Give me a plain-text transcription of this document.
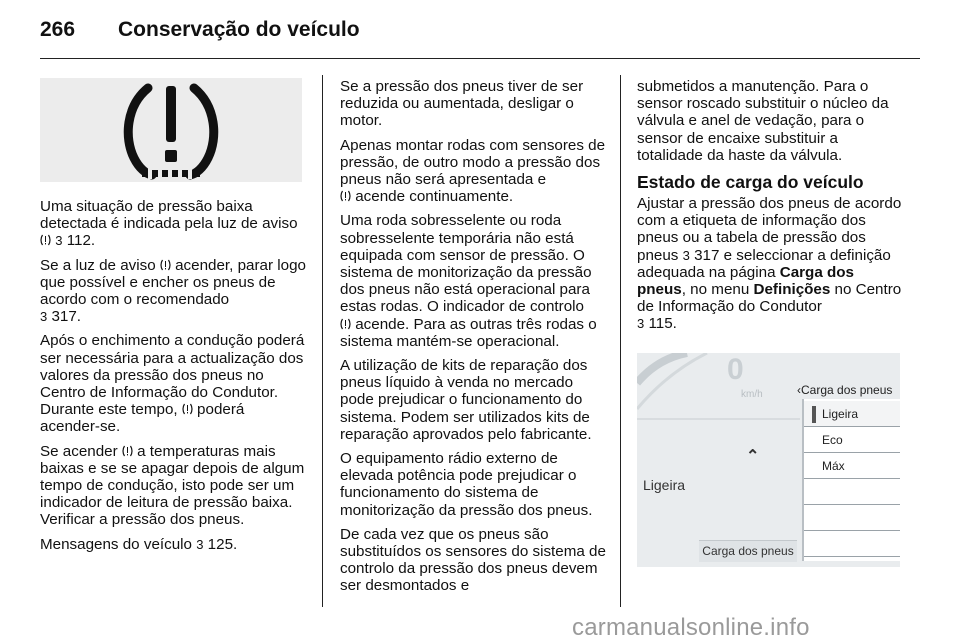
266 Conservação do veículo

Uma situação de pressão baixa detectada é indicada pela luz de aviso  3 112.

Se a luz de aviso  acender, parar logo que possível e encher os pneus de acordo com o recomendado
3 317.

Após o enchimento a condução poderá ser necessária para a actualização dos valores da pressão dos pneus no Centro de Informação do Condutor. Durante este tempo,  poderá acender-se.

Se acender  a temperaturas mais baixas e se se apagar depois de algum tempo de condução, isto pode ser um indicador de leitura de pressão baixa. Verificar a pressão dos pneus.

Mensagens do veículo 3 125.

Se a pressão dos pneus tiver de ser reduzida ou aumentada, desligar o motor.

Apenas montar rodas com sensores de pressão, de outro modo a pressão dos pneus não será apresentada e
acende continuamente.

Uma roda sobresselente ou roda sobresselente temporária não está equipada com sensor de pressão. O sistema de monitorização da pressão dos pneus não está operacional para estas rodas. O indicador de controlo
acende. Para as outras três rodas o sistema mantém-se operacional.

A utilização de kits de reparação dos pneus líquido à venda no mercado pode prejudicar o funcionamento do sistema. Podem ser utilizados kits de reparação aprovados pelo fabricante.

O equipamento rádio externo de elevada potência pode prejudicar o funcionamento do sistema de monitorização da pressão dos pneus.

De cada vez que os pneus são substituídos os sensores do sistema de controlo da pressão dos pneus devem ser desmontados e

submetidos a manutenção. Para o sensor roscado substituir o núcleo da válvula e anel de vedação, para o sensor de encaixe substituir a totalidade da haste da válvula.

Estado de carga do veículo

Ajustar a pressão dos pneus de acordo com a etiqueta de informação dos pneus ou a tabela de pressão dos pneus 3 317 e seleccionar a definição adequada na página Carga dos pneus, no menu Definições no Centro de Informação do Condutor
3 115.

0
km/h	‹Carga dos pneus
⌃
Ligeira
Carga dos pneus
Ligeira
Eco
Máx
carmanualsonline.info
